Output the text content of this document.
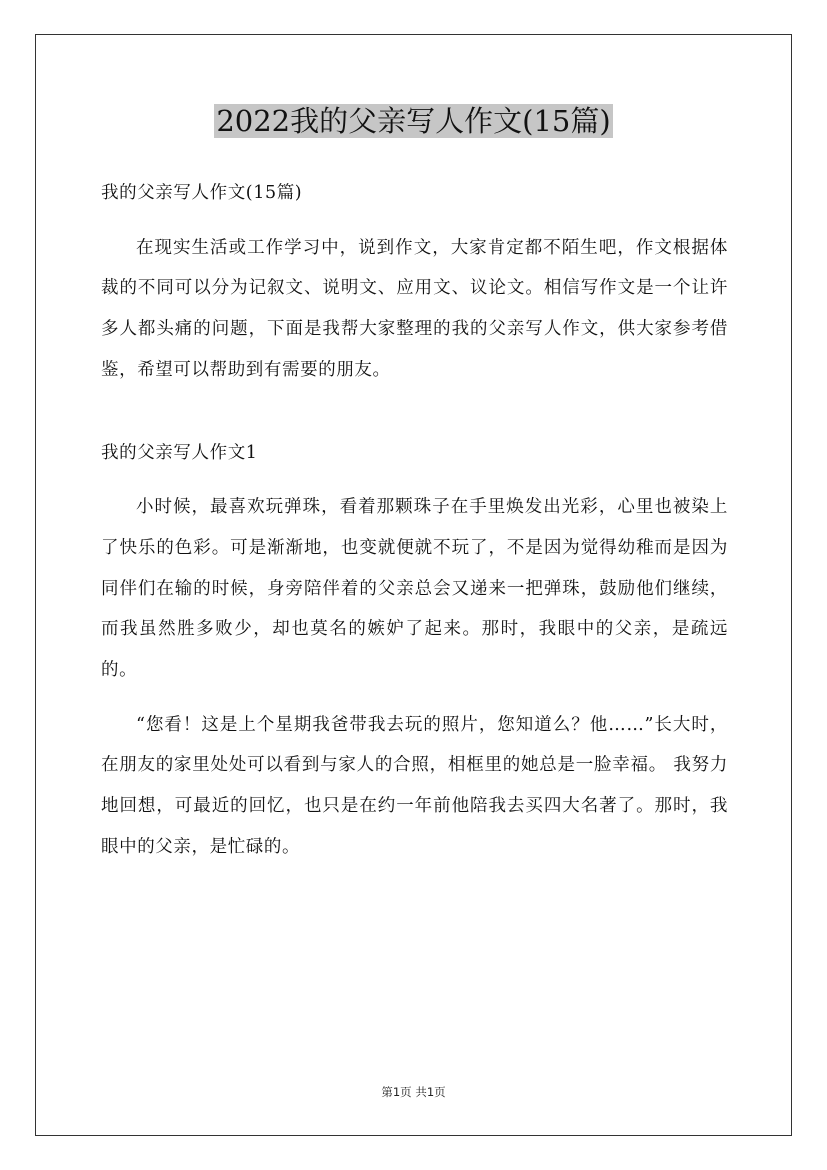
2022我的父亲写人作文(15篇)

我的父亲写人作文(15篇)

在现实生活或工作学习中，说到作文，大家肯定都不陌生吧，作文根据体裁的不同可以分为记叙文、说明文、应用文、议论文。相信写作文是一个让许多人都头痛的问题，下面是我帮大家整理的我的父亲写人作文，供大家参考借鉴，希望可以帮助到有需要的朋友。

我的父亲写人作文1

小时候，最喜欢玩弹珠，看着那颗珠子在手里焕发出光彩，心里也被染上了快乐的色彩。可是渐渐地，也变就便就不玩了，不是因为觉得幼稚而是因为同伴们在输的时候，身旁陪伴着的父亲总会又递来一把弹珠，鼓励他们继续，而我虽然胜多败少，却也莫名的嫉妒了起来。那时，我眼中的父亲，是疏远的。

“您看！这是上个星期我爸带我去玩的照片，您知道么？他……”长大时，在朋友的家里处处可以看到与家人的合照，相框里的她总是一脸幸福。 我努力地回想，可最近的回忆，也只是在约一年前他陪我去买四大名著了。那时，我眼中的父亲，是忙碌的。

第1页 共1页
